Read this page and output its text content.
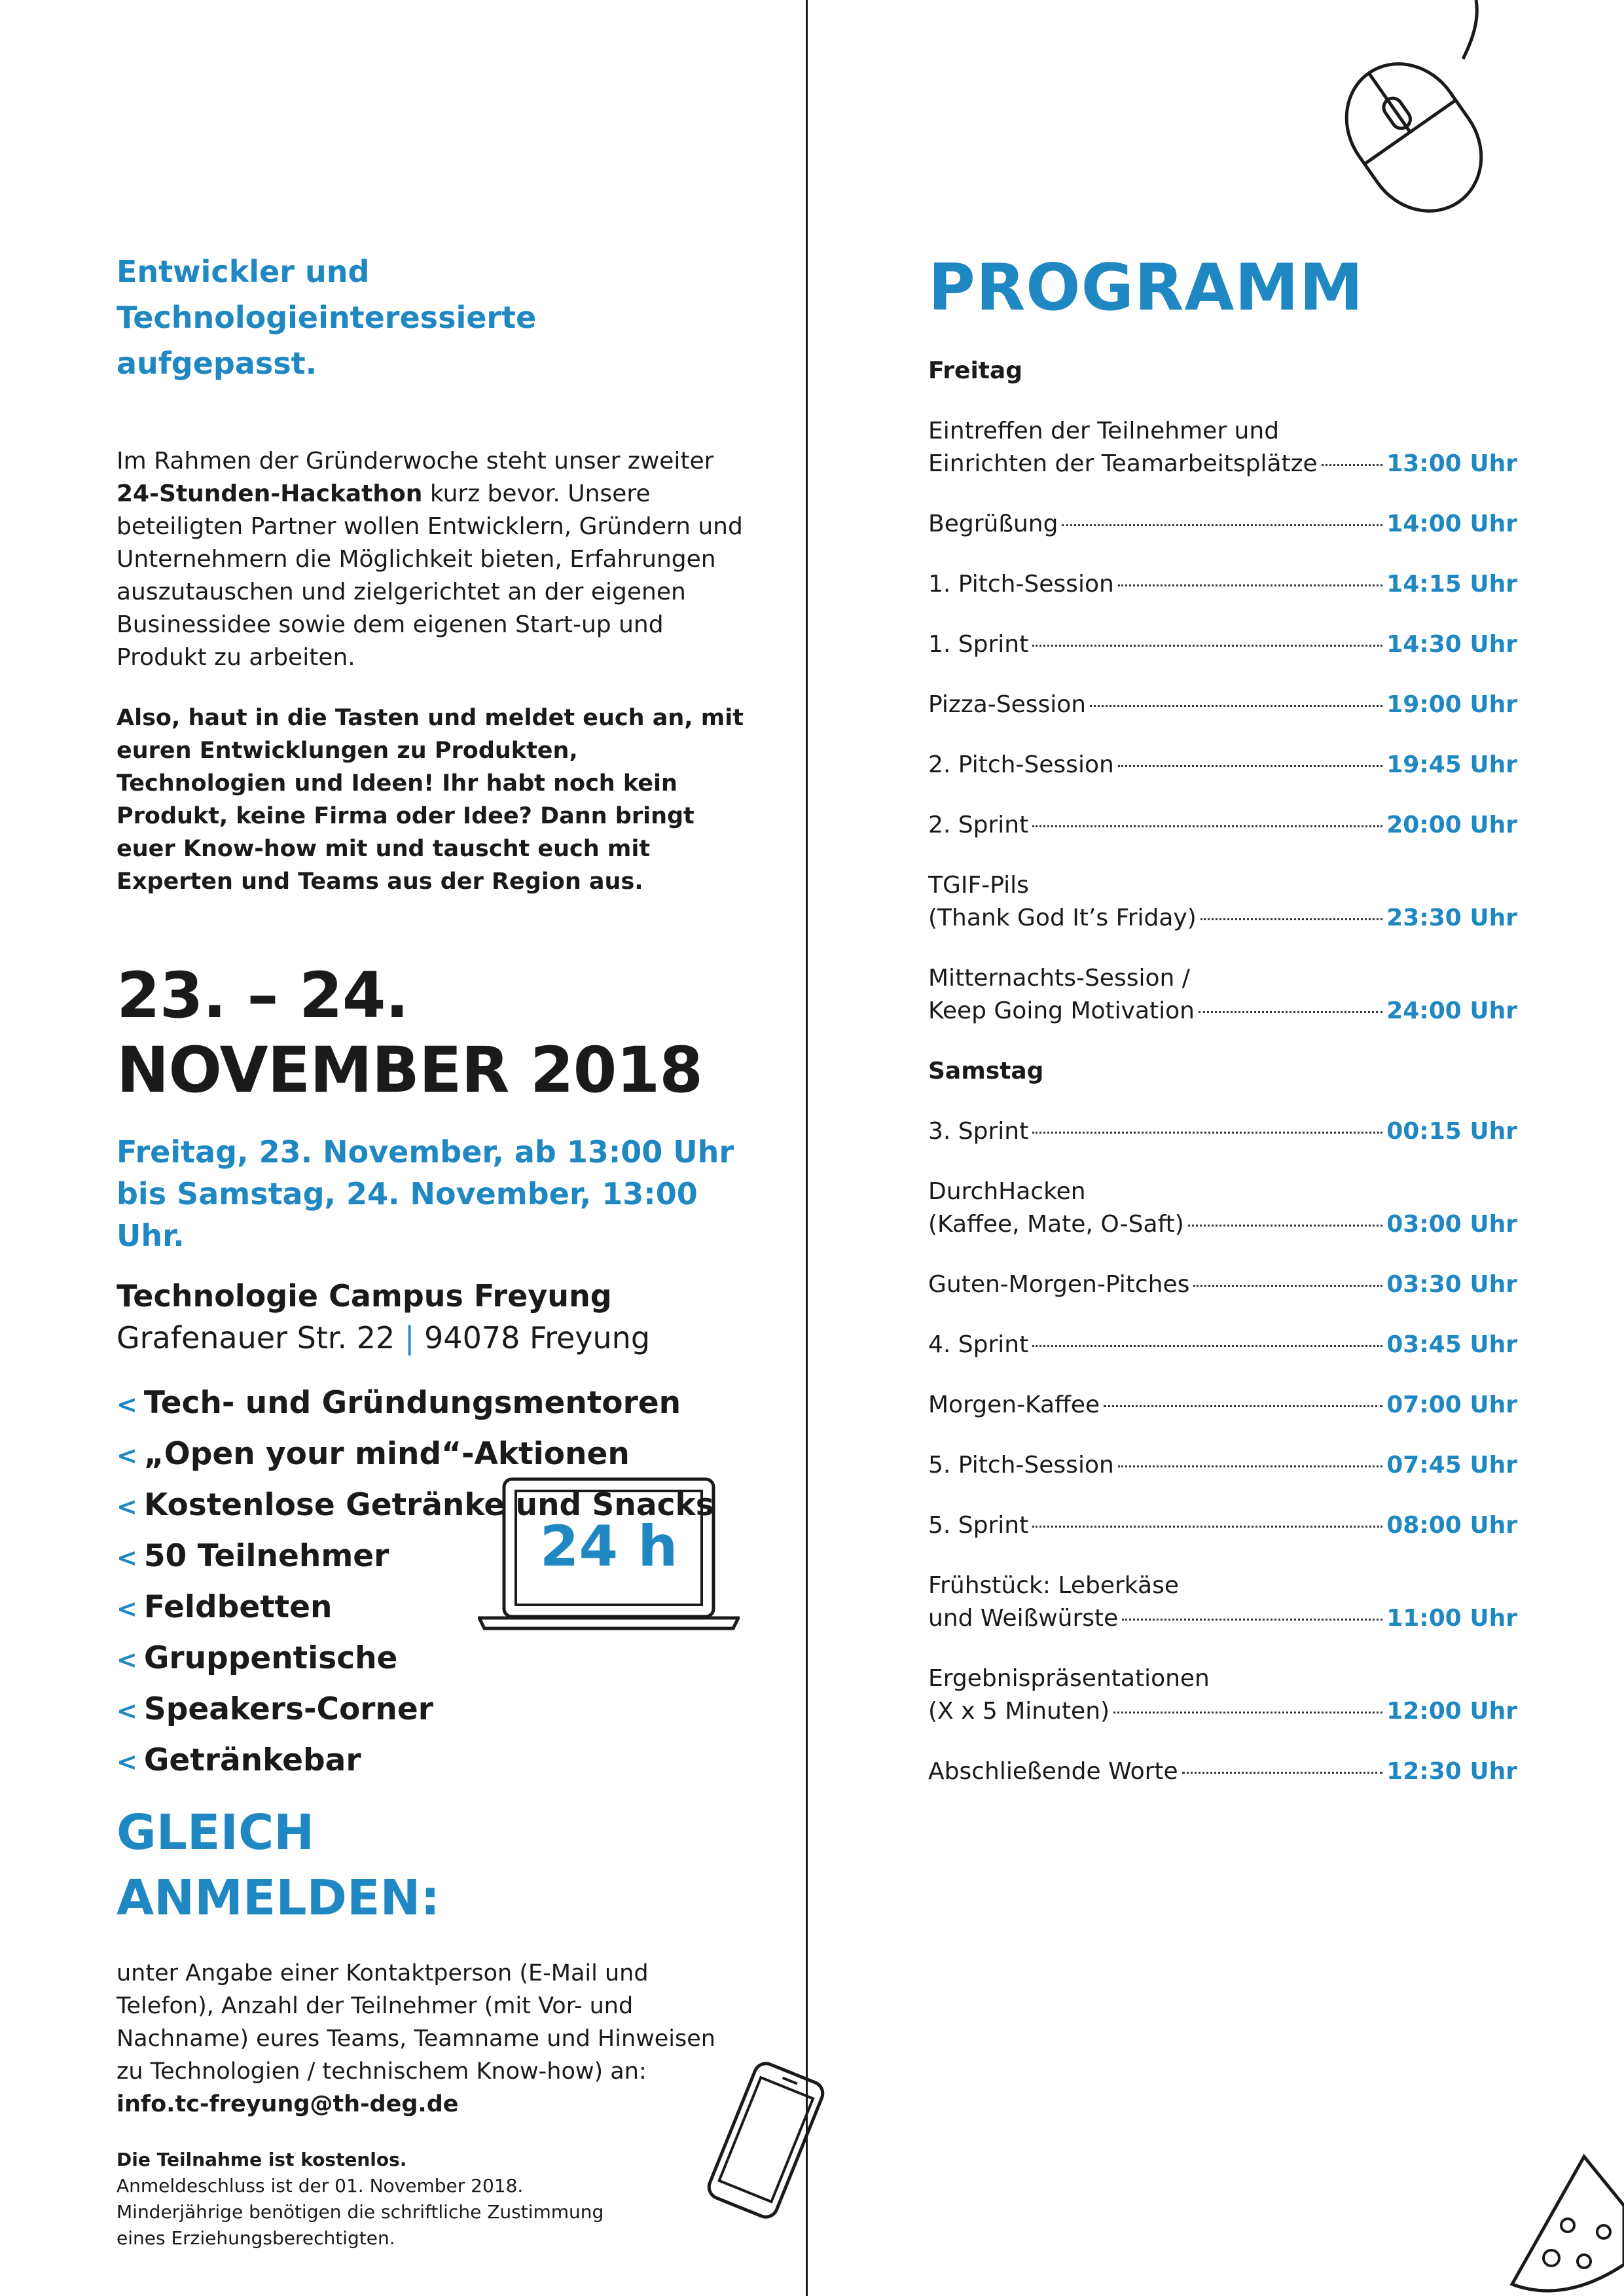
Entwickler und
Technologieinteressierte aufgepasst.

Im Rahmen der Gründerwoche steht unser zweiter 24-Stunden-Hackathon kurz bevor. Unsere beteiligten Partner wollen Entwicklern, Gründern und Unternehmern die Möglichkeit bieten, Erfahrungen auszutauschen und zielgerichtet an der eigenen Businessidee sowie dem eigenen Start-up und Produkt zu arbeiten.

Also, haut in die Tasten und meldet euch an, mit euren Entwicklungen zu Produkten, Technologien und Ideen! Ihr habt noch kein Produkt, keine Firma oder Idee? Dann bringt euer Know-how mit und tauscht euch mit Experten und Teams aus der Region aus.

23. – 24.
NOVEMBER 2018

Freitag, 23. November, ab 13:00 Uhr
bis Samstag, 24. November, 13:00 Uhr.

Technologie Campus Freyung

Grafenauer Str. 22 | 94078 Freyung

< Tech- und Gründungsmentoren
< „Open your mind“-Aktionen
< Kostenlose Getränke und Snacks
< 50 Teilnehmer
< Feldbetten
< Gruppentische
< Speakers-Corner
< Getränkebar
GLEICH
ANMELDEN:

unter Angabe einer Kontaktperson (E-Mail und Telefon), Anzahl der Teilnehmer (mit Vor- und Nachname) eures Teams, Teamname und Hinweisen zu Technologien / technischem Know-how) an:
info.tc-freyung@th-deg.de

Die Teilnahme ist kostenlos.
Anmeldeschluss ist der 01. November 2018.
Minderjährige benötigen die schriftliche Zustimmung eines Erziehungsberechtigten.

24 h
PROGRAMM
Freitag
Eintreffen der Teilnehmer und
Einrichten der Teamarbeitsplätze	13:00 Uhr
Begrüßung	14:00 Uhr
1. Pitch-Session	14:15 Uhr
1. Sprint	14:30 Uhr
Pizza-Session	19:00 Uhr
2. Pitch-Session	19:45 Uhr
2. Sprint	20:00 Uhr
TGIF-Pils
(Thank God It’s Friday)	23:30 Uhr
Mitternachts-Session /
Keep Going Motivation	24:00 Uhr
Samstag
3. Sprint	00:15 Uhr
DurchHacken
(Kaffee, Mate, O-Saft)	03:00 Uhr
Guten-Morgen-Pitches	03:30 Uhr
4. Sprint	03:45 Uhr
Morgen-Kaffee	07:00 Uhr
5. Pitch-Session	07:45 Uhr
5. Sprint	08:00 Uhr
Frühstück: Leberkäse
und Weißwürste	11:00 Uhr
Ergebnispräsentationen
(X x 5 Minuten)	12:00 Uhr
Abschließende Worte	12:30 Uhr
